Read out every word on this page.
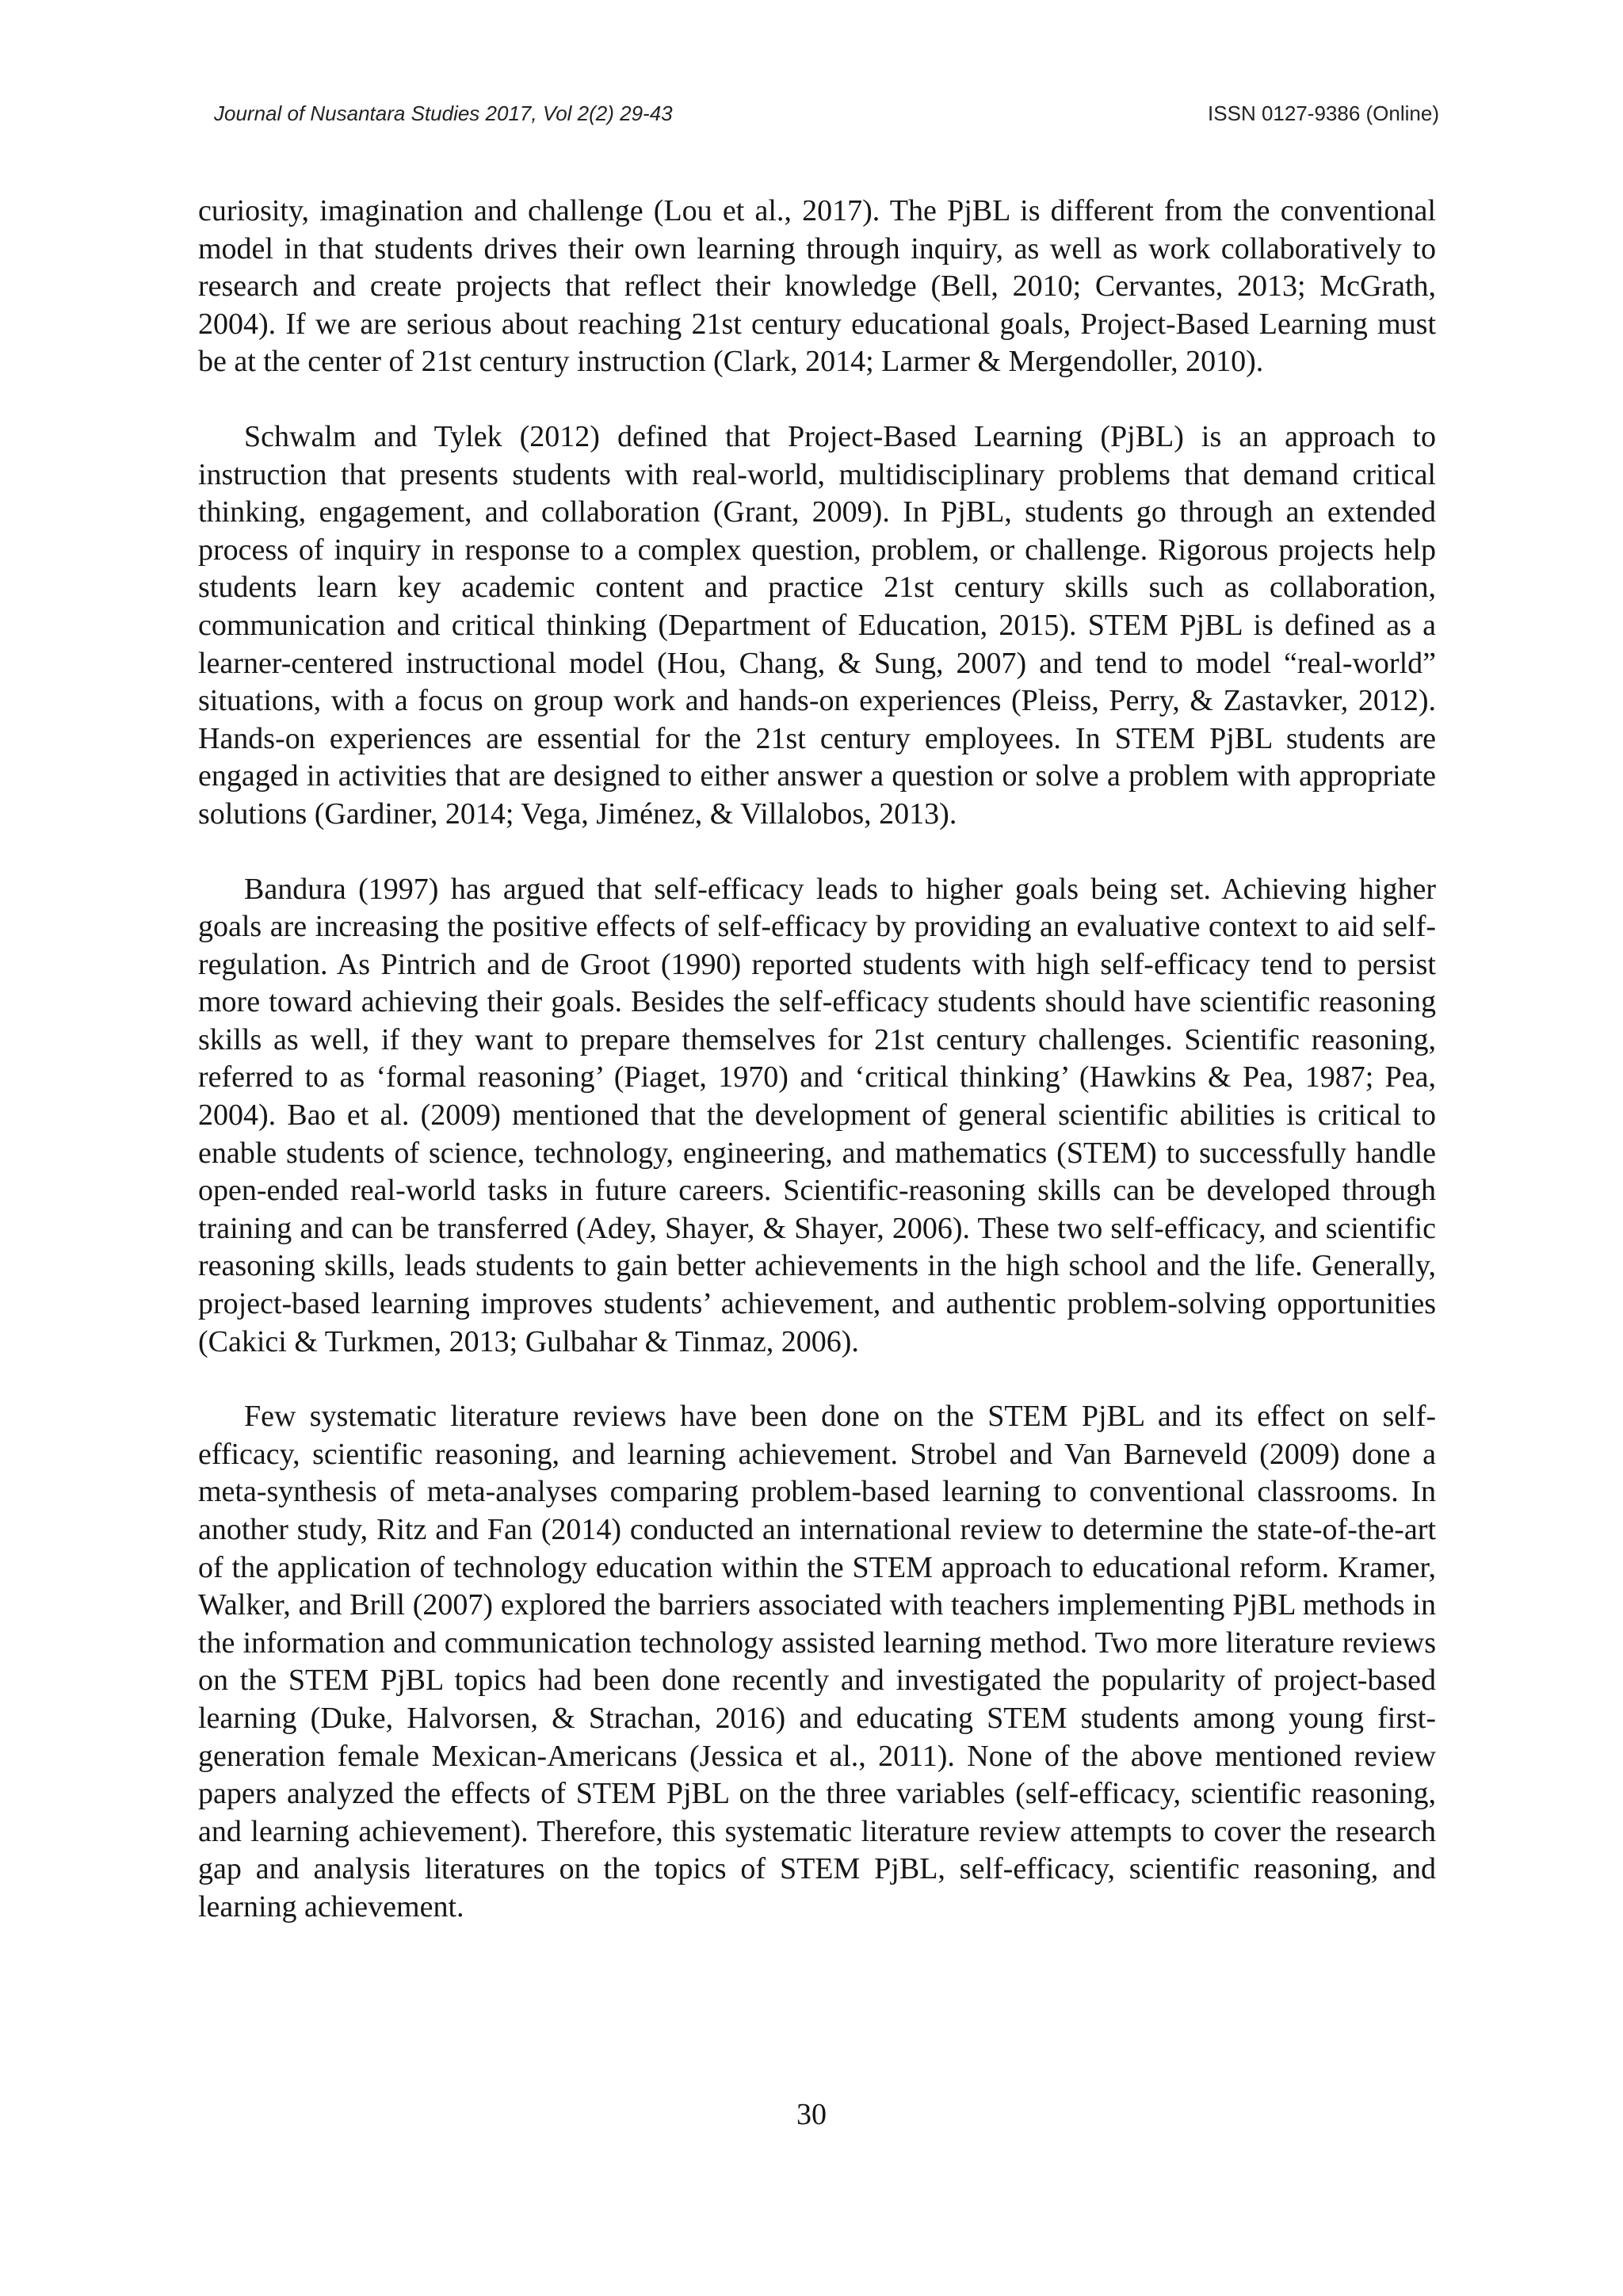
Journal of Nusantara Studies 2017, Vol 2(2) 29-43	ISSN 0127-9386 (Online)

curiosity, imagination and challenge (Lou et al., 2017). The PjBL is different from the conventional model in that students drives their own learning through inquiry, as well as work collaboratively to research and create projects that reflect their knowledge (Bell, 2010; Cervantes, 2013; McGrath, 2004). If we are serious about reaching 21st century educational goals, Project-Based Learning must be at the center of 21st century instruction (Clark, 2014; Larmer & Mergendoller, 2010).

Schwalm and Tylek (2012) defined that Project-Based Learning (PjBL) is an approach to instruction that presents students with real-world, multidisciplinary problems that demand critical thinking, engagement, and collaboration (Grant, 2009). In PjBL, students go through an extended process of inquiry in response to a complex question, problem, or challenge. Rigorous projects help students learn key academic content and practice 21st century skills such as collaboration, communication and critical thinking (Department of Education, 2015). STEM PjBL is defined as a learner-centered instructional model (Hou, Chang, & Sung, 2007) and tend to model “real-world” situations, with a focus on group work and hands-on experiences (Pleiss, Perry, & Zastavker, 2012). Hands-on experiences are essential for the 21st century employees. In STEM PjBL students are engaged in activities that are designed to either answer a question or solve a problem with appropriate solutions (Gardiner, 2014; Vega, Jiménez, & Villalobos, 2013).

Bandura (1997) has argued that self-efficacy leads to higher goals being set. Achieving higher goals are increasing the positive effects of self-efficacy by providing an evaluative context to aid self-regulation. As Pintrich and de Groot (1990) reported students with high self-efficacy tend to persist more toward achieving their goals. Besides the self-efficacy students should have scientific reasoning skills as well, if they want to prepare themselves for 21st century challenges. Scientific reasoning, referred to as ‘formal reasoning’ (Piaget, 1970) and ‘critical thinking’ (Hawkins & Pea, 1987; Pea, 2004). Bao et al. (2009) mentioned that the development of general scientific abilities is critical to enable students of science, technology, engineering, and mathematics (STEM) to successfully handle open-ended real-world tasks in future careers. Scientific-reasoning skills can be developed through training and can be transferred (Adey, Shayer, & Shayer, 2006). These two self-efficacy, and scientific reasoning skills, leads students to gain better achievements in the high school and the life. Generally, project-based learning improves students’ achievement, and authentic problem-solving opportunities (Cakici & Turkmen, 2013; Gulbahar & Tinmaz, 2006).

Few systematic literature reviews have been done on the STEM PjBL and its effect on self-efficacy, scientific reasoning, and learning achievement. Strobel and Van Barneveld (2009) done a meta-synthesis of meta-analyses comparing problem-based learning to conventional classrooms. In another study, Ritz and Fan (2014) conducted an international review to determine the state-of-the-art of the application of technology education within the STEM approach to educational reform. Kramer, Walker, and Brill (2007) explored the barriers associated with teachers implementing PjBL methods in the information and communication technology assisted learning method. Two more literature reviews on the STEM PjBL topics had been done recently and investigated the popularity of project-based learning (Duke, Halvorsen, & Strachan, 2016) and educating STEM students among young first-generation female Mexican-Americans (Jessica et al., 2011). None of the above mentioned review papers analyzed the effects of STEM PjBL on the three variables (self-efficacy, scientific reasoning, and learning achievement). Therefore, this systematic literature review attempts to cover the research gap and analysis literatures on the topics of STEM PjBL, self-efficacy, scientific reasoning, and learning achievement.

30
